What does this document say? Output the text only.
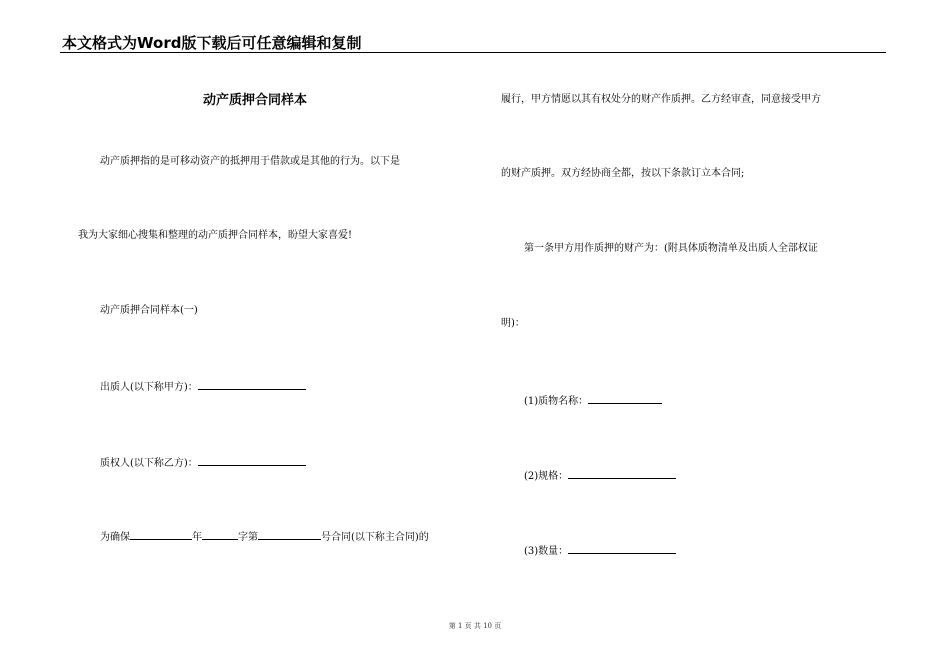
本文格式为Word版下载后可任意编辑和复制
动产质押合同样本
动产质押指的是可移动资产的抵押用于借款或是其他的行为。以下是
我为大家细心搜集和整理的动产质押合同样本，盼望大家喜爱!
动产质押合同样本(一)
出质人(以下称甲方)：
质权人(以下称乙方)：
为确保	年	字第	号合同(以下称主合同)的
履行，甲方情愿以其有权处分的财产作质押。乙方经审查，同意接受甲方
的财产质押。双方经协商全都，按以下条款订立本合同;
第一条甲方用作质押的财产为：(附具体质物清单及出质人全部权证
明)：
(1)质物名称：
(2)规格：
(3)数量：
第 1 页 共 10 页
